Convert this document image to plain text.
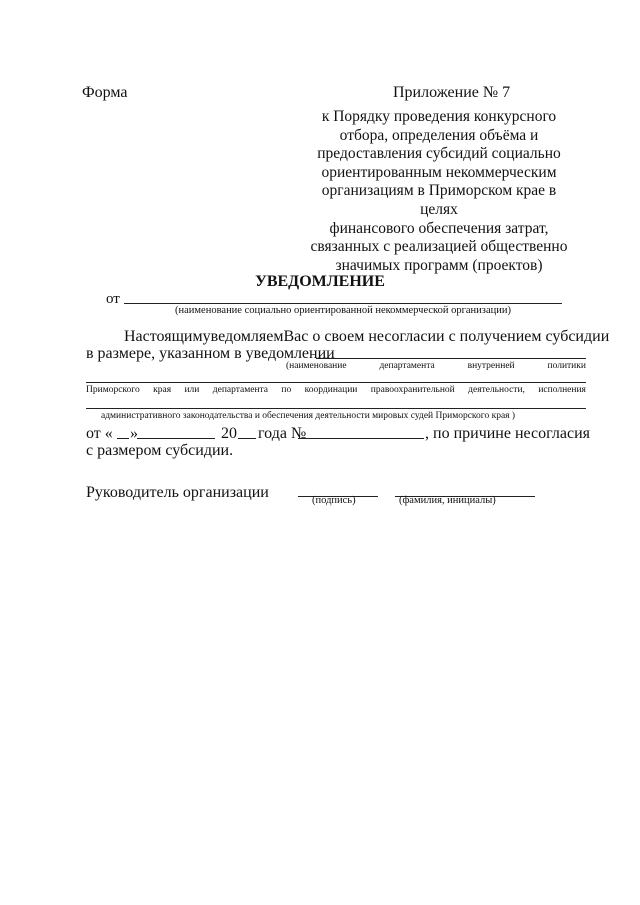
Форма	Приложение № 7
к Порядку проведения конкурсного
отбора, определения объёма и
предоставления субсидий социально
ориентированным некоммерческим
организациям в Приморском крае в целях
финансового обеспечения затрат,
связанных с реализацией общественно
значимых программ (проектов)
УВЕДОМЛЕНИЕ
от
(наименование социально ориентированной некоммерческой организации)
Настоящим уведомляем Вас о своем несогласии с получением субсидии
в размере, указанном в уведомлении
(наименование	департамента	внутренней	политики
Приморского края или департамента по координации правоохранительной деятельности, исполнения
административного законодательства и обеспечения деятельности мировых судей Приморского края )
от « »	20 года №	, по причине несогласия
с размером субсидии.
Руководитель организации	(подпись)	(фамилия, инициалы)
